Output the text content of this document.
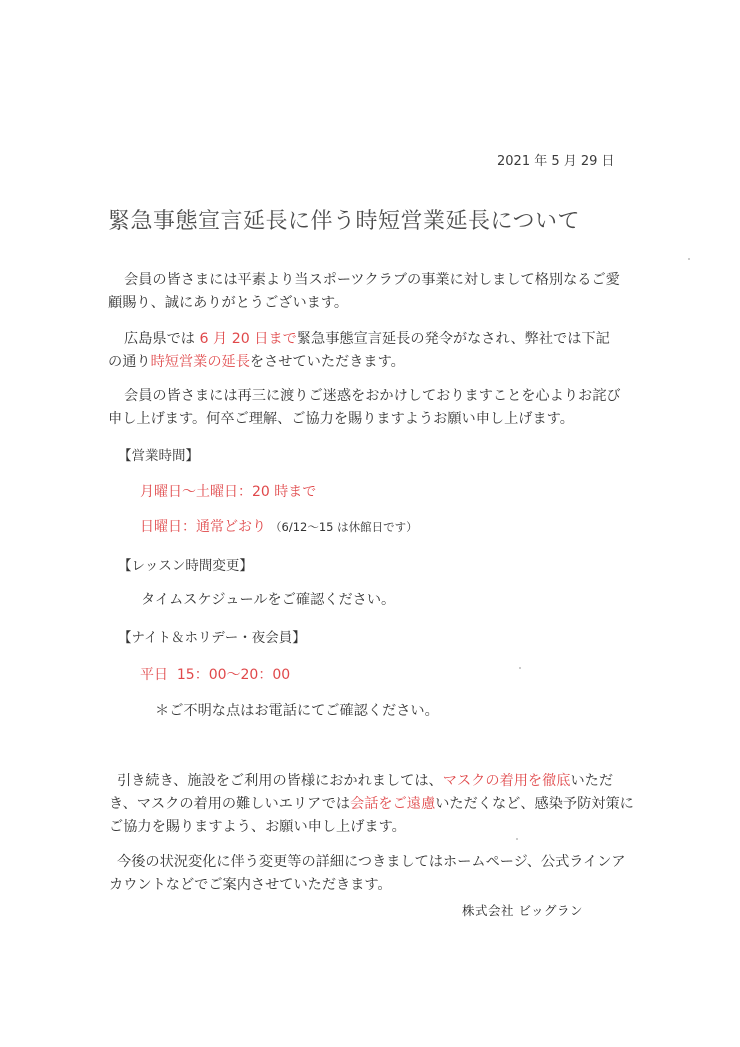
2021 年 5 月 29 日
緊急事態宣言延長に伴う時短営業延長について
会員の皆さまには平素より当スポーツクラブの事業に対しまして格別なるご愛
顧賜り、誠にありがとうございます。
広島県では 6 月 20 日まで緊急事態宣言延長の発令がなされ、弊社では下記
の通り時短営業の延長をさせていただきます。
会員の皆さまには再三に渡りご迷惑をおかけしておりますことを心よりお詫び
申し上げます。何卒ご理解、ご協力を賜りますようお願い申し上げます。
【営業時間】
月曜日～土曜日：20 時まで
日曜日：通常どおり （6/12～15 は休館日です）
【レッスン時間変更】
タイムスケジュールをご確認ください。
【ナイト＆ホリデー・夜会員】
平日  15：00～20：00
＊ご不明な点はお電話にてご確認ください。
引き続き、施設をご利用の皆様におかれましては、マスクの着用を徹底いただ
き、マスクの着用の難しいエリアでは会話をご遠慮いただくなど、感染予防対策に
ご協力を賜りますよう、お願い申し上げます。
今後の状況変化に伴う変更等の詳細につきましてはホームページ、公式ラインア
カウントなどでご案内させていただきます。
株式会社 ビッグラン
